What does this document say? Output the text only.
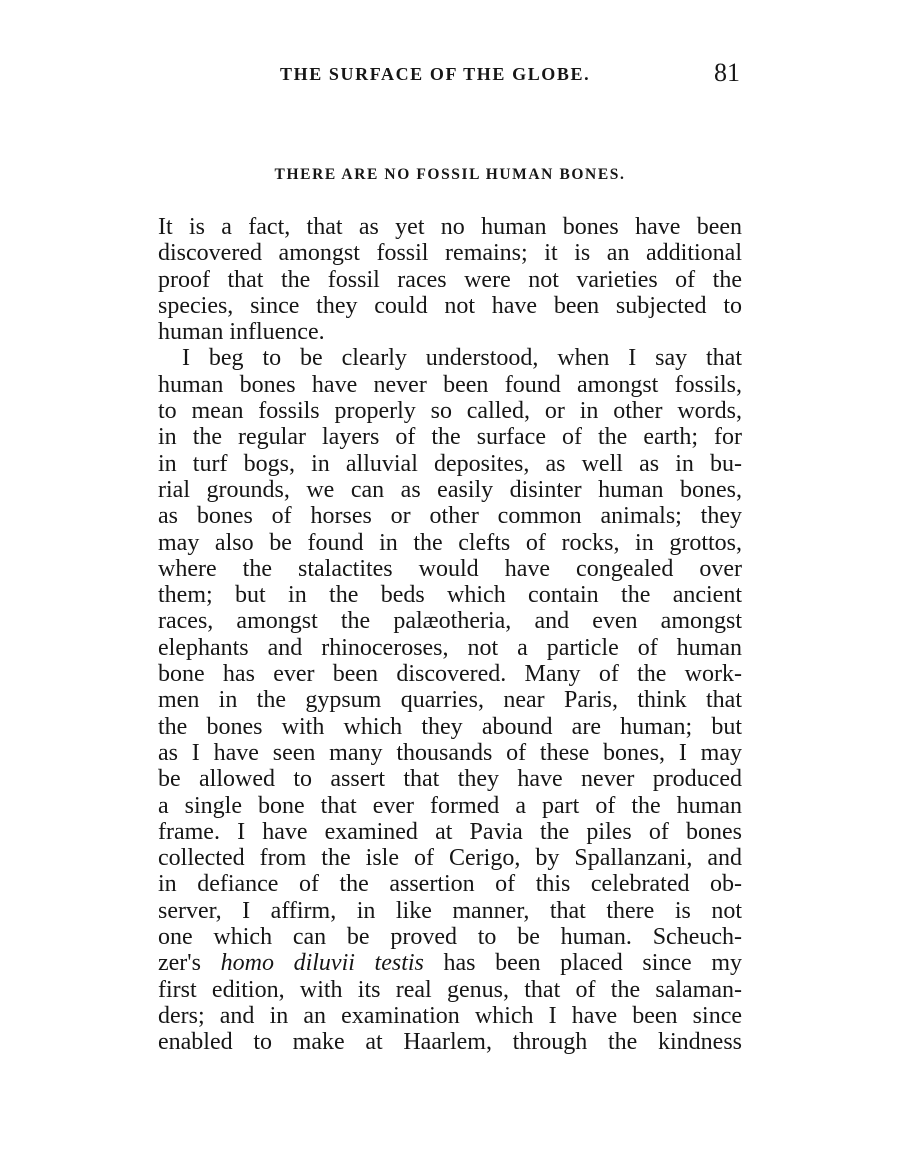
THE SURFACE OF THE GLOBE.	81
THERE ARE NO FOSSIL HUMAN BONES.
It is a fact, that as yet no human bones have been
discovered amongst fossil remains; it is an additional
proof that the fossil races were not varieties of the
species, since they could not have been subjected to
human influence.
I beg to be clearly understood, when I say that
human bones have never been found amongst fossils,
to mean fossils properly so called, or in other words,
in the regular layers of the surface of the earth; for
in turf bogs, in alluvial deposites, as well as in bu-
rial grounds, we can as easily disinter human bones,
as bones of horses or other common animals; they
may also be found in the clefts of rocks, in grottos,
where the stalactites would have congealed over
them; but in the beds which contain the ancient
races, amongst the palæotheria, and even amongst
elephants and rhinoceroses, not a particle of human
bone has ever been discovered. Many of the work-
men in the gypsum quarries, near Paris, think that
the bones with which they abound are human; but
as I have seen many thousands of these bones, I may
be allowed to assert that they have never produced
a single bone that ever formed a part of the human
frame. I have examined at Pavia the piles of bones
collected from the isle of Cerigo, by Spallanzani, and
in defiance of the assertion of this celebrated ob-
server, I affirm, in like manner, that there is not
one which can be proved to be human. Scheuch-
zer's homo diluvii testis has been placed since my
first edition, with its real genus, that of the salaman-
ders; and in an examination which I have been since
enabled to make at Haarlem, through the kindness
